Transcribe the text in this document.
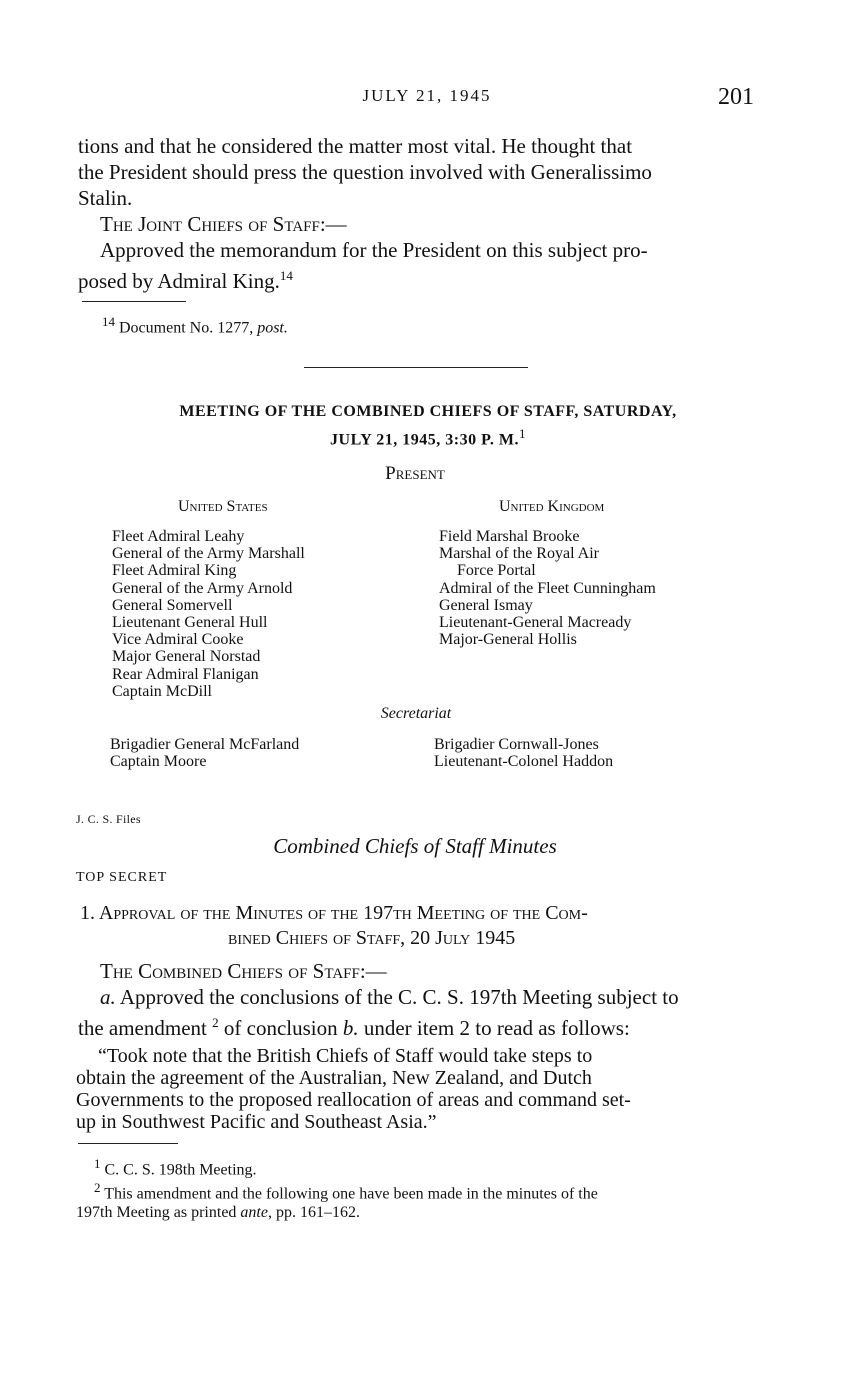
JULY 21, 1945	201
tions and that he considered the matter most vital. He thought that
the President should press the question involved with Generalissimo
Stalin.
The Joint Chiefs of Staff:—
Approved the memorandum for the President on this subject pro-
posed by Admiral King.$^{14}$
$^{14}$ Document No. 1277, post.
MEETING OF THE COMBINED CHIEFS OF STAFF, SATURDAY,
JULY 21, 1945, 3:30 P. M.$^1$
Present
United States
Fleet Admiral Leahy
General of the Army Marshall
Fleet Admiral King
General of the Army Arnold
General Somervell
Lieutenant General Hull
Vice Admiral Cooke
Major General Norstad
Rear Admiral Flanigan
Captain McDill
United Kingdom
Field Marshal Brooke
Marshal of the Royal Air
Force Portal
Admiral of the Fleet Cunningham
General Ismay
Lieutenant-General Macready
Major-General Hollis
Secretariat
Brigadier General McFarland
Captain Moore
Brigadier Cornwall-Jones
Lieutenant-Colonel Haddon
J. C. S. Files
Combined Chiefs of Staff Minutes
TOP SECRET
1. Approval of the Minutes of the 197th Meeting of the Com-
bined Chiefs of Staff, 20 July 1945
The Combined Chiefs of Staff:—
a. Approved the conclusions of the C. C. S. 197th Meeting subject to
the amendment $^2$ of conclusion b. under item 2 to read as follows:
“Took note that the British Chiefs of Staff would take steps to
obtain the agreement of the Australian, New Zealand, and Dutch
Governments to the proposed reallocation of areas and command set-
up in Southwest Pacific and Southeast Asia.”
$^1$ C. C. S. 198th Meeting.
$^2$ This amendment and the following one have been made in the minutes of the
197th Meeting as printed ante, pp. 161–162.
